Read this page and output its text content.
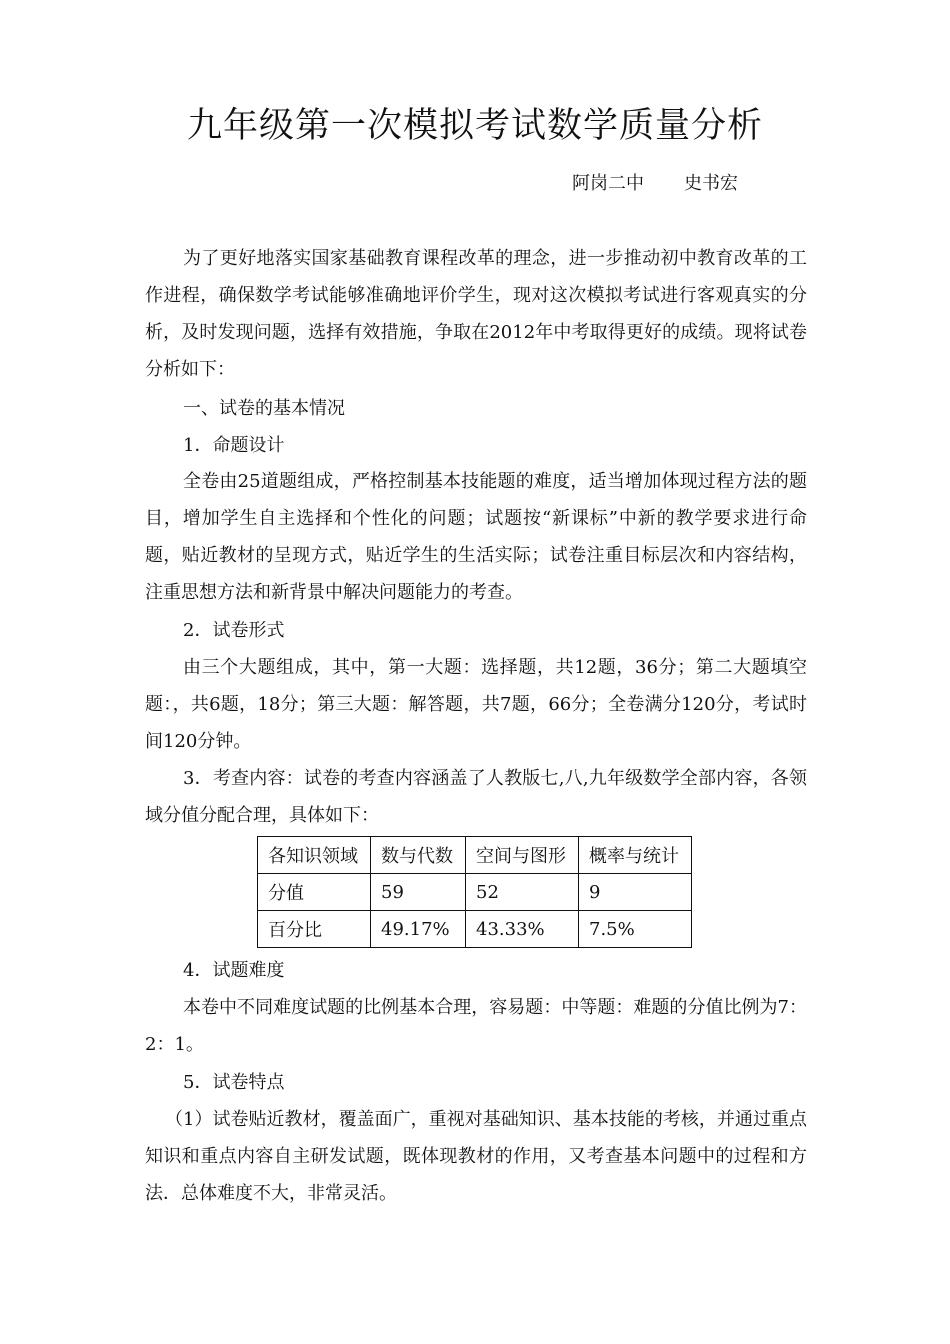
九年级第一次模拟考试数学质量分析
阿岗二中 史书宏

为了更好地落实国家基础教育课程改革的理念，进一步推动初中教育改革的工作进程，确保数学考试能够准确地评价学生，现对这次模拟考试进行客观真实的分析，及时发现问题，选择有效措施，争取在2012年中考取得更好的成绩。现将试卷分析如下：

一、试卷的基本情况
1．命题设计

全卷由25道题组成，严格控制基本技能题的难度，适当增加体现过程方法的题目，增加学生自主选择和个性化的问题；试题按“新课标”中新的教学要求进行命题，贴近教材的呈现方式，贴近学生的生活实际；试卷注重目标层次和内容结构，注重思想方法和新背景中解决问题能力的考查。

2．试卷形式

由三个大题组成，其中，第一大题：选择题，共12题，36分；第二大题填空题：，共6题，18分；第三大题：解答题，共7题，66分；全卷满分120分，考试时间120分钟。

3．考查内容：试卷的考查内容涵盖了人教版七,八,九年级数学全部内容，各领域分值分配合理，具体如下：

各知识领域	数与代数	空间与图形	概率与统计
分值	59	52	9
百分比	49.17%	43.33%	7.5%
4．试题难度

本卷中不同难度试题的比例基本合理，容易题：中等题：难题的分值比例为7：2：1。

5．试卷特点

（1）试卷贴近教材，覆盖面广，重视对基础知识、基本技能的考核，并通过重点知识和重点内容自主研发试题，既体现教材的作用，又考查基本问题中的过程和方法．总体难度不大，非常灵活。
